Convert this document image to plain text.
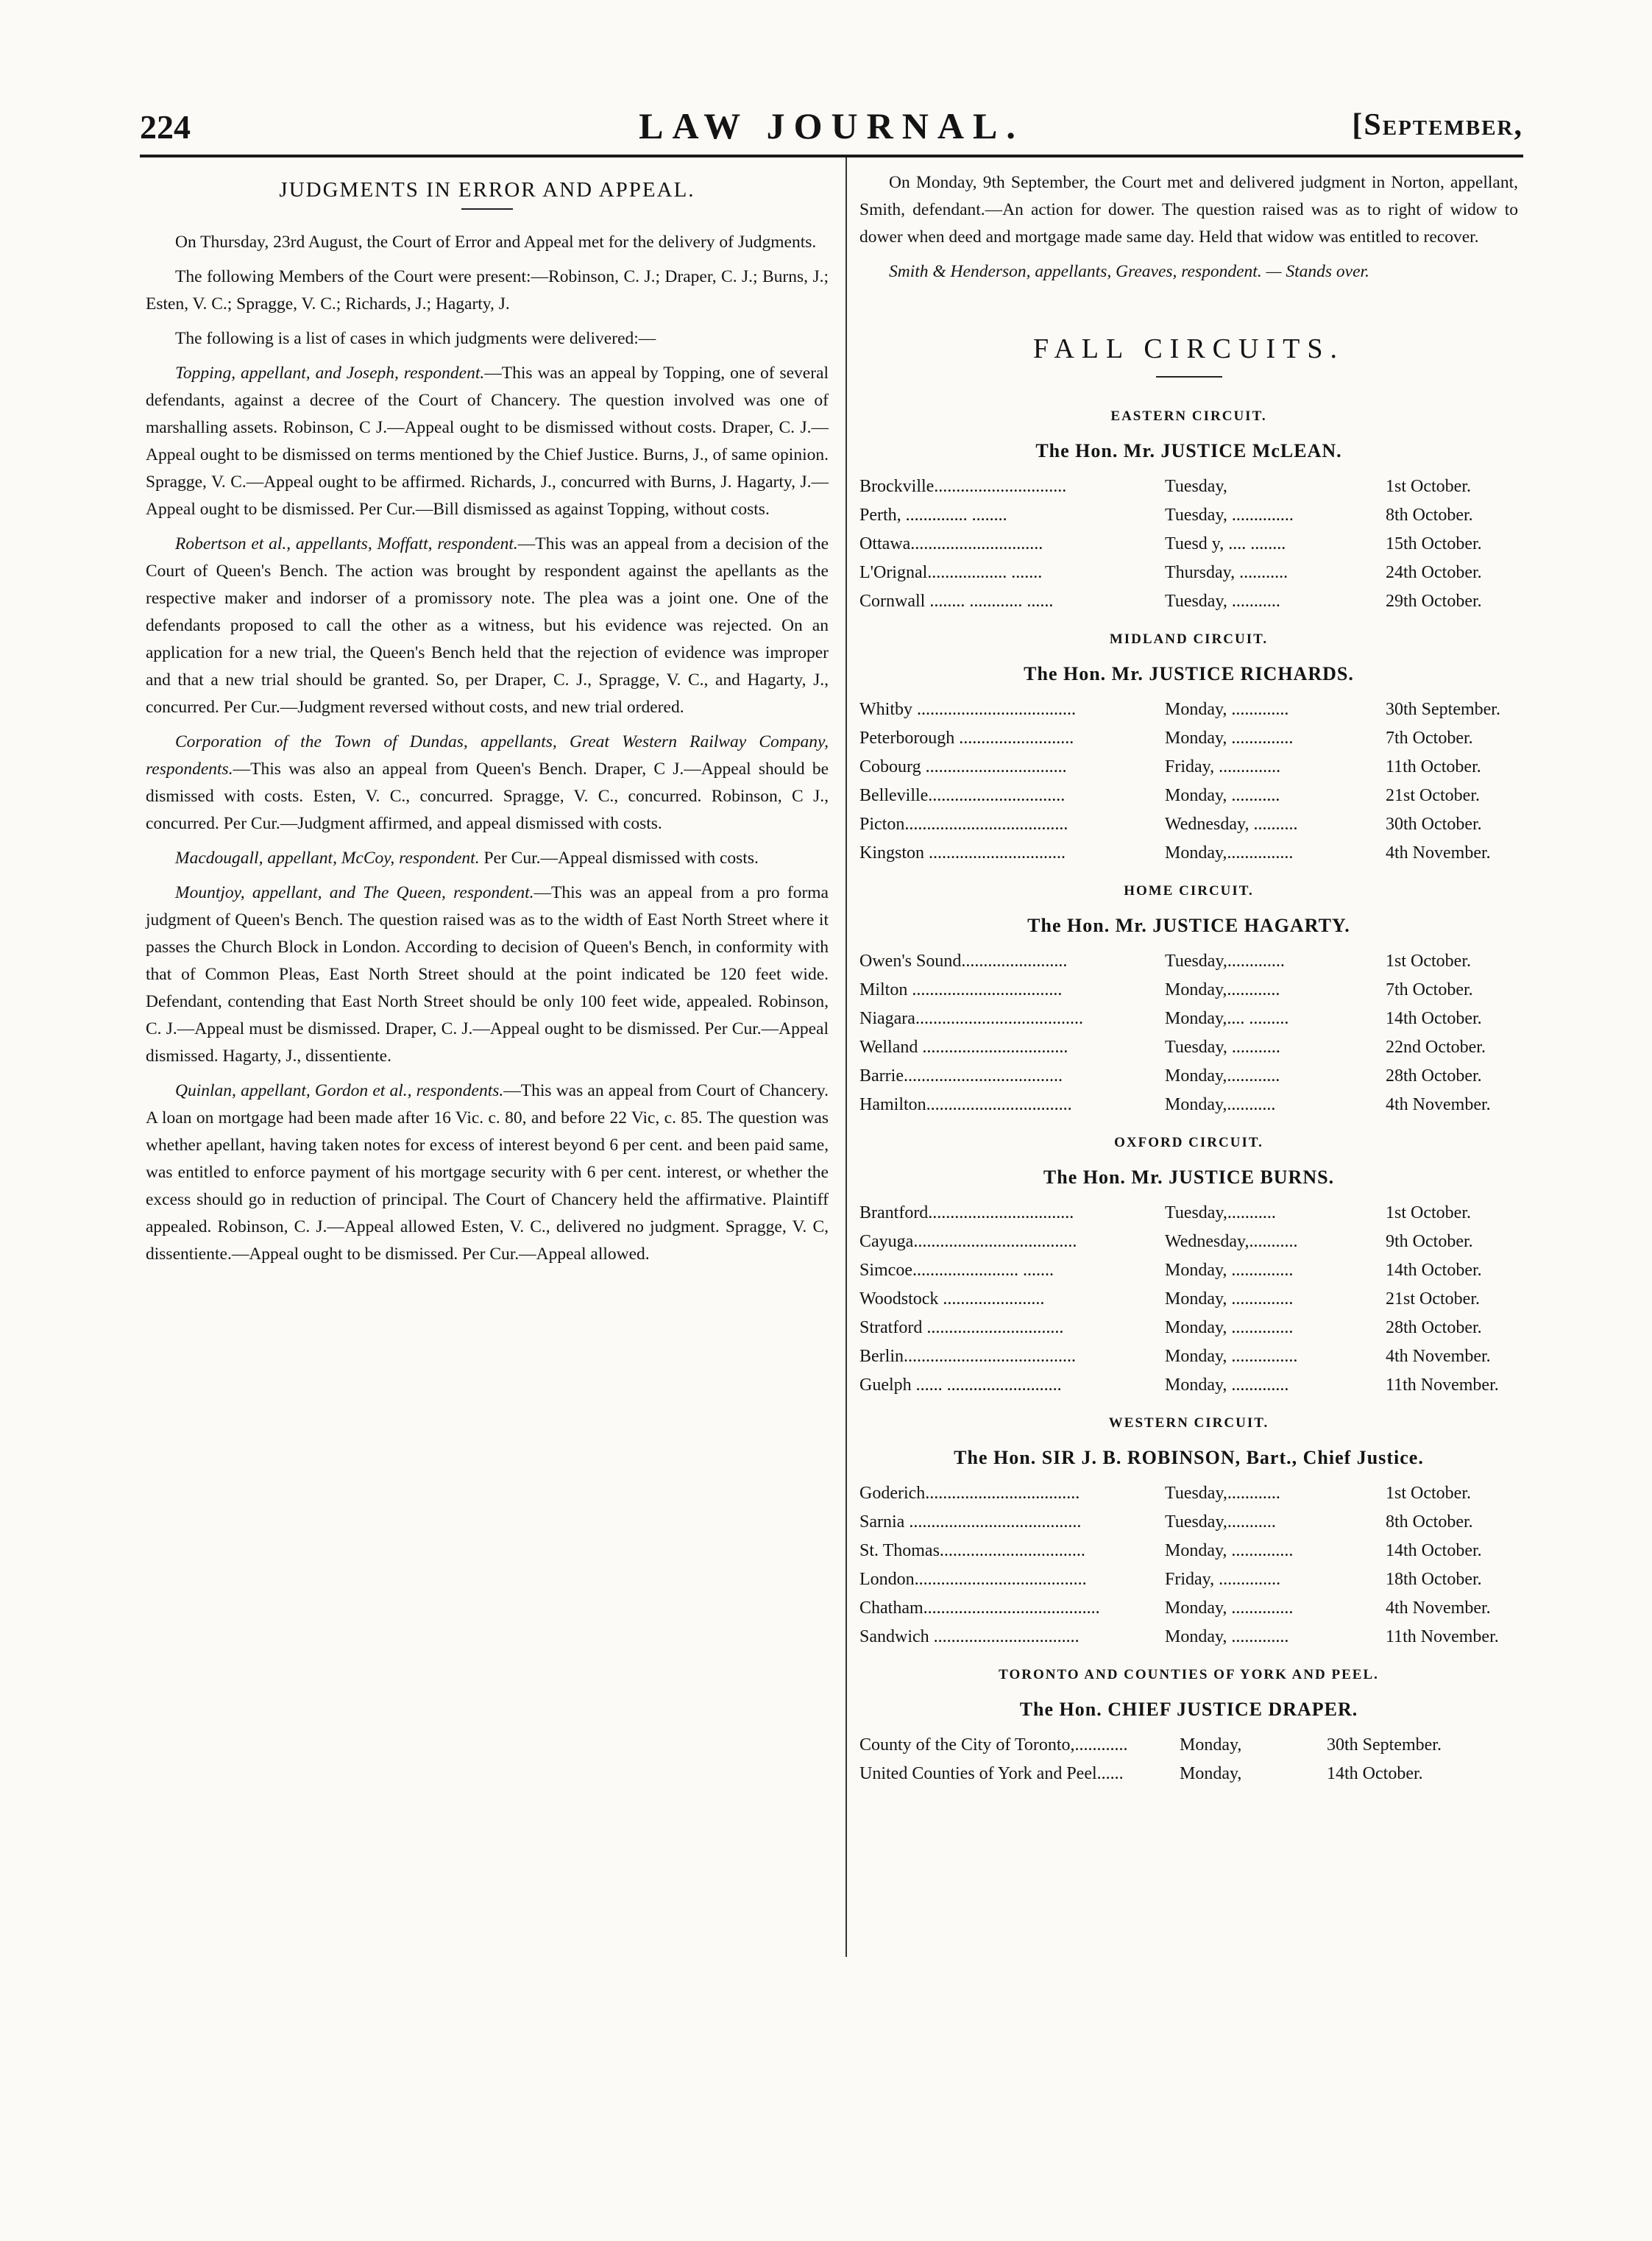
224	LAW JOURNAL.	[September,
JUDGMENTS IN ERROR AND APPEAL.

On Thursday, 23rd August, the Court of Error and Appeal met for the delivery of Judgments.

The following Members of the Court were present:—Robinson, C. J.; Draper, C. J.; Burns, J.; Esten, V. C.; Spragge, V. C.; Richards, J.; Hagarty, J.

The following is a list of cases in which judgments were delivered:—

Topping, appellant, and Joseph, respondent.—This was an appeal by Topping, one of several defendants, against a decree of the Court of Chancery. The question involved was one of marshalling assets. Robinson, C J.—Appeal ought to be dismissed without costs. Draper, C. J.—Appeal ought to be dismissed on terms mentioned by the Chief Justice. Burns, J., of same opinion. Spragge, V. C.—Appeal ought to be affirmed. Richards, J., concurred with Burns, J. Hagarty, J.—Appeal ought to be dismissed. Per Cur.—Bill dismissed as against Topping, without costs.

Robertson et al., appellants, Moffatt, respondent.—This was an appeal from a decision of the Court of Queen's Bench. The action was brought by respondent against the apellants as the respective maker and indorser of a promissory note. The plea was a joint one. One of the defendants proposed to call the other as a witness, but his evidence was rejected. On an application for a new trial, the Queen's Bench held that the rejection of evidence was improper and that a new trial should be granted. So, per Draper, C. J., Spragge, V. C., and Hagarty, J., concurred. Per Cur.—Judgment reversed without costs, and new trial ordered.

Corporation of the Town of Dundas, appellants, Great Western Railway Company, respondents.—This was also an appeal from Queen's Bench. Draper, C J.—Appeal should be dismissed with costs. Esten, V. C., concurred. Spragge, V. C., concurred. Robinson, C J., concurred. Per Cur.—Judgment affirmed, and appeal dismissed with costs.

Macdougall, appellant, McCoy, respondent. Per Cur.—Appeal dismissed with costs.

Mountjoy, appellant, and The Queen, respondent.—This was an appeal from a pro forma judgment of Queen's Bench. The question raised was as to the width of East North Street where it passes the Church Block in London. According to decision of Queen's Bench, in conformity with that of Common Pleas, East North Street should at the point indicated be 120 feet wide. Defendant, contending that East North Street should be only 100 feet wide, appealed. Robinson, C. J.—Appeal must be dismissed. Draper, C. J.—Appeal ought to be dismissed. Per Cur.—Appeal dismissed. Hagarty, J., dissentiente.

Quinlan, appellant, Gordon et al., respondents.—This was an appeal from Court of Chancery. A loan on mortgage had been made after 16 Vic. c. 80, and before 22 Vic, c. 85. The question was whether apellant, having taken notes for excess of interest beyond 6 per cent. and been paid same, was entitled to enforce payment of his mortgage security with 6 per cent. interest, or whether the excess should go in reduction of principal. The Court of Chancery held the affirmative. Plaintiff appealed. Robinson, C. J.—Appeal allowed Esten, V. C., delivered no judgment. Spragge, V. C, dissentiente.—Appeal ought to be dismissed. Per Cur.—Appeal allowed.

On Monday, 9th September, the Court met and delivered judgment in Norton, appellant, Smith, defendant.—An action for dower. The question raised was as to right of widow to dower when deed and mortgage made same day. Held that widow was entitled to recover.

Smith & Henderson, appellants, Greaves, respondent. — Stands over.

FALL CIRCUITS.
EASTERN CIRCUIT.
The Hon. Mr. JUSTICE McLEAN.
Brockville..............................	Tuesday,	1st October.
Perth, .............. ........	Tuesday, ..............	8th October.
Ottawa..............................	Tuesd y, .... ........	15th October.
L'Orignal.................. .......	Thursday, ...........	24th October.
Cornwall ........ ............ ......	Tuesday, ...........	29th October.
MIDLAND CIRCUIT.
The Hon. Mr. JUSTICE RICHARDS.
Whitby ....................................	Monday, .............	30th September.
Peterborough ..........................	Monday, ..............	7th October.
Cobourg ................................	Friday, ..............	11th October.
Belleville...............................	Monday, ...........	21st October.
Picton.....................................	Wednesday, ..........	30th October.
Kingston ...............................	Monday,...............	4th November.
HOME CIRCUIT.
The Hon. Mr. JUSTICE HAGARTY.
Owen's Sound........................	Tuesday,.............	1st October.
Milton ..................................	Monday,............	7th October.
Niagara......................................	Monday,.... .........	14th October.
Welland .................................	Tuesday, ...........	22nd October.
Barrie....................................	Monday,............	28th October.
Hamilton.................................	Monday,...........	4th November.
OXFORD CIRCUIT.
The Hon. Mr. JUSTICE BURNS.
Brantford.................................	Tuesday,...........	1st October.
Cayuga.....................................	Wednesday,...........	9th October.
Simcoe........................ .......	Monday, ..............	14th October.
Woodstock .......................	Monday, ..............	21st October.
Stratford ...............................	Monday, ..............	28th October.
Berlin.......................................	Monday, ...............	4th November.
Guelph ...... ..........................	Monday, .............	11th November.
WESTERN CIRCUIT.
The Hon. SIR J. B. ROBINSON, Bart., Chief Justice.
Goderich...................................	Tuesday,............	1st October.
Sarnia .......................................	Tuesday,...........	8th October.
St. Thomas.................................	Monday, ..............	14th October.
London.......................................	Friday, ..............	18th October.
Chatham........................................	Monday, ..............	4th November.
Sandwich .................................	Monday, .............	11th November.
TORONTO AND COUNTIES OF YORK AND PEEL.
The Hon. CHIEF JUSTICE DRAPER.
County of the City of Toronto,............	Monday,	30th September.
United Counties of York and Peel......	Monday,	14th October.
